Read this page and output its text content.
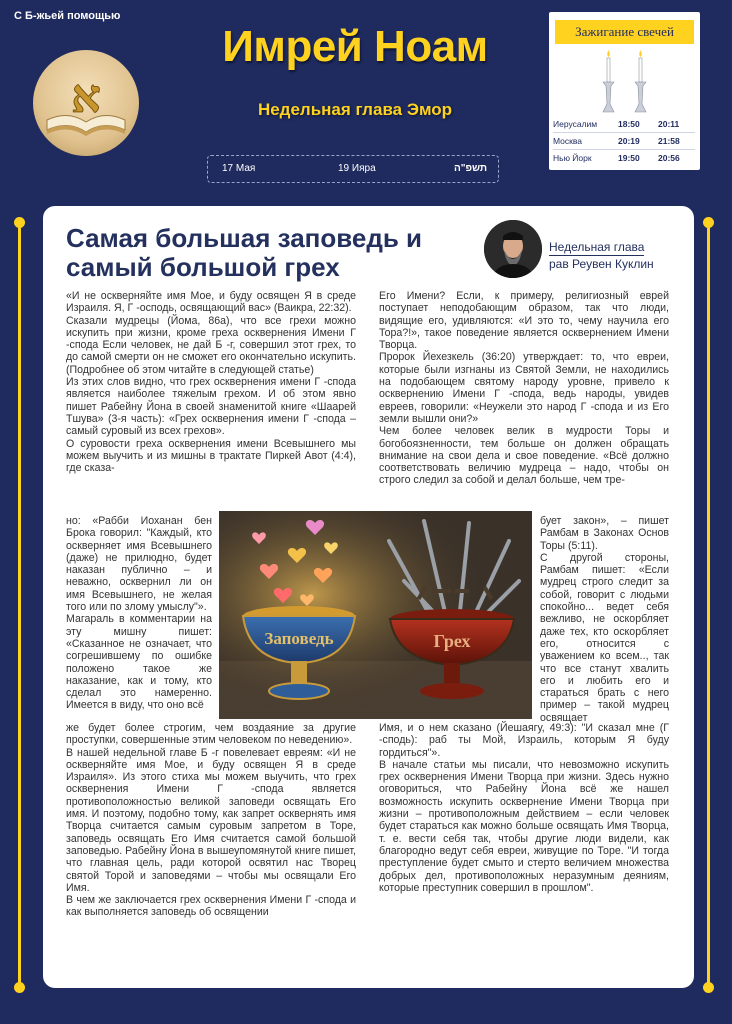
С Б-жьей помощью
א
Имрей Ноам
Недельная глава Эмор
17 Мая	19 Ияра	תשפ"ה
Зажигание свечей
Иерусалим 18:50 20:11
Москва	20:19 21:58
Нью Йорк	19:50 20:56
Самая большая заповедь и самый большой грех
Недельная глава
рав Реувен Куклин

«И не оскверняйте имя Мое, и буду освящен Я в среде Израиля. Я, Г -осподь, освящающий вас» (Ваикра, 22:32).

Сказали мудрецы (Йома, 86а), что все грехи можно искупить при жизни, кроме греха осквернения Имени Г -спода Если человек, не дай Б -г, совершил этот грех, то до самой смерти он не сможет его окончательно искупить. (Подробнее об этом читайте в следующей статье)

Из этих слов видно, что грех осквернения имени Г -спода является наиболее тяжелым грехом. И об этом явно пишет Рабейну Йона в своей знаменитой книге «Шаарей Тшува» (3-я часть): «Грех осквернения имени Г -спода – самый суровый из всех грехов».

О суровости греха осквернения имени Всевышнего мы можем выучить и из мишны в трактате Пиркей Авот (4:4), где сказа-

но: «Рабби Иоханан бен Брока говорил: "Каждый, кто оскверняет имя Всевышнего (даже) не прилюдно, будет наказан публично – и неважно, осквернил ли он имя Всевышнего, не желая того или по злому умыслу"».

Магараль в комментарии на эту мишну пишет: «Сказанное не означает, что согрешившему по ошибке положено такое же наказание, как и тому, кто сделал это намеренно. Имеется в виду, что оно всё

же будет более строгим, чем воздаяние за другие проступки, совершенные этим человеком по неведению».

В нашей недельной главе Б -г повелевает евреям: «И не оскверняйте имя Мое, и буду освящен Я в среде Израиля». Из этого стиха мы можем выучить, что грех осквернения Имени Г -спода является противоположностью великой заповеди освящать Его имя. И поэтому, подобно тому, как запрет осквернять имя Творца считается самым суровым запретом в Торе, заповедь освящать Его Имя считается самой большой заповедью. Рабейну Йона в вышеупомянутой книге пишет, что главная цель, ради которой освятил нас Творец святой Торой и заповедями – чтобы мы освящали Его Имя.

В чем же заключается грех осквернения Имени Г -спода и как выполняется заповедь об освящении

Его Имени? Если, к примеру, религиозный еврей поступает неподобающим образом, так что люди, видящие его, удивляются: «И это то, чему научила его Тора?!», такое поведение является осквернением Имени Творца.

Пророк Йехезкель (36:20) утверждает: то, что евреи, которые были изгнаны из Святой Земли, не находились на подобающем святому народу уровне, привело к осквернению Имени Г -спода, ведь народы, увидев евреев, говорили: «Неужели это народ Г -спода и из Его земли вышли они?»

Чем более человек велик в мудрости Торы и богобоязненности, тем больше он должен обращать внимание на свои дела и свое поведение. «Всё должно соответствовать величию мудреца – надо, чтобы он строго следил за собой и делал больше, чем тре-

бует закон», – пишет Рамбам в Законах Основ Торы (5:11).

С другой стороны, Рамбам пишет: «Если мудрец строго следит за собой, говорит с людьми спокойно... ведет себя вежливо, не оскорбляет даже тех, кто оскорбляет его, относится с уважением ко всем.., так что все станут хвалить его и любить его и стараться брать с него пример – такой мудрец освящает

Имя, и о нем сказано (Йешаягу, 49:3): "И сказал мне (Г -сподь): раб ты Мой, Израиль, которым Я буду гордиться"».

В начале статьи мы писали, что невозможно искупить грех осквернения Имени Творца при жизни. Здесь нужно оговориться, что Рабейну Йона всё же нашел возможность искупить осквернение Имени Творца при жизни – противоположным действием – если человек будет стараться как можно больше освящать Имя Творца, т. е. вести себя так, чтобы другие люди видели, как благородно ведут себя евреи, живущие по Торе. "И тогда преступление будет смыто и стерто величием множества добрых дел, противоположных неразумным деяниям, которые преступник совершил в прошлом".

Заповедь	Грех
